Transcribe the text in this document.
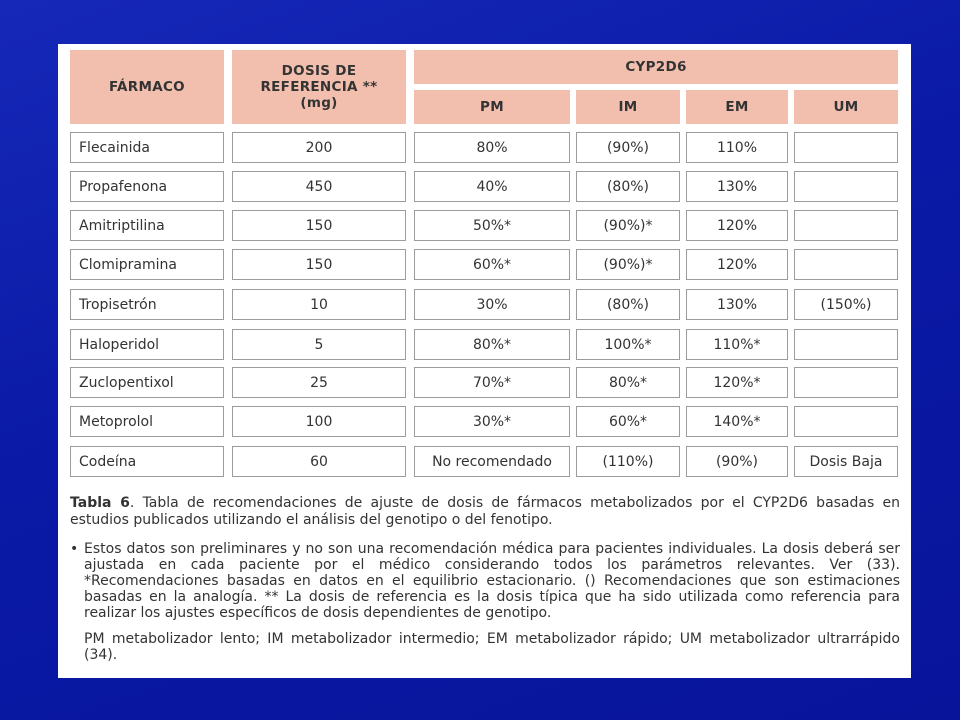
FÁRMACO
DOSIS DE REFERENCIA ** (mg)
CYP2D6
PM	IM	EM	UM
Flecainida	200	80%	(90%)	110%
Propafenona	450	40%	(80%)	130%
Amitriptilina	150	50%*	(90%)*	120%
Clomipramina	150	60%*	(90%)*	120%
Tropisetrón	10	30%	(80%)	130%	(150%)
Haloperidol	5	80%*	100%*	110%*
Zuclopentixol	25	70%*	80%*	120%*
Metoprolol	100	30%*	60%*	140%*
Codeína	60	No recomendado	(110%)	(90%)	Dosis Baja
Tabla 6. Tabla de recomendaciones de ajuste de dosis de fármacos metabolizados por el CYP2D6 basadas en estudios publicados utilizando el análisis del genotipo o del fenotipo.
• Estos datos son preliminares y no son una recomendación médica para pacientes individuales. La dosis deberá ser ajustada en cada paciente por el médico considerando todos los parámetros relevantes. Ver (33). *Recomendaciones basadas en datos en el equilibrio estacionario. () Recomendaciones que son estimaciones basadas en la analogía. ** La dosis de referencia es la dosis típica que ha sido utilizada como referencia para realizar los ajustes específicos de dosis dependientes de genotipo.
PM metabolizador lento; IM metabolizador intermedio; EM metabolizador rápido; UM metabolizador ultrarrápido (34).
